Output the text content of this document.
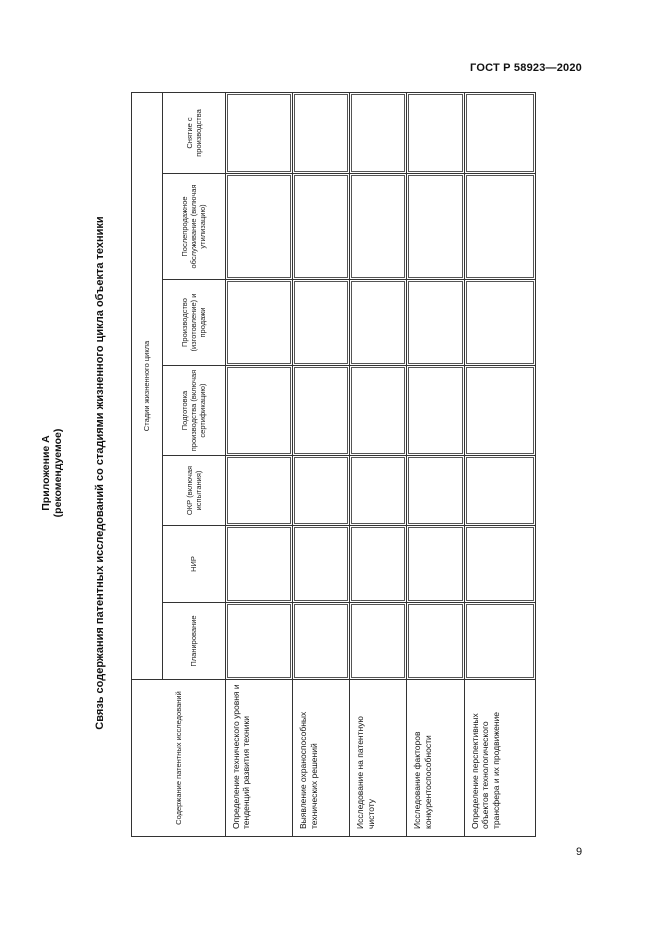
ГОСТ Р 58923—2020
Приложение А (рекомендуемое)	Связь содержания патентных исследований со стадиями жизненного цикла объекта техники
Содержание патентных исследований	Стадии жизненного цикла						

	Планирование	НИР	ОКР (включая испытания)	Подготовка производства (включая сертификацию)	Производство (изготовление) и продажи	Послепродажное обслуживание (включая утилизацию)	Снятие с производства

Определение технического уровня и тенденций развития техники							
Выявление охраноспособных технических решений							
Исследование на патентную чистоту							
Исследование факторов конкурентоспособности							
Определение перспективных объектов технологического трансфера и их продвижение							
9
